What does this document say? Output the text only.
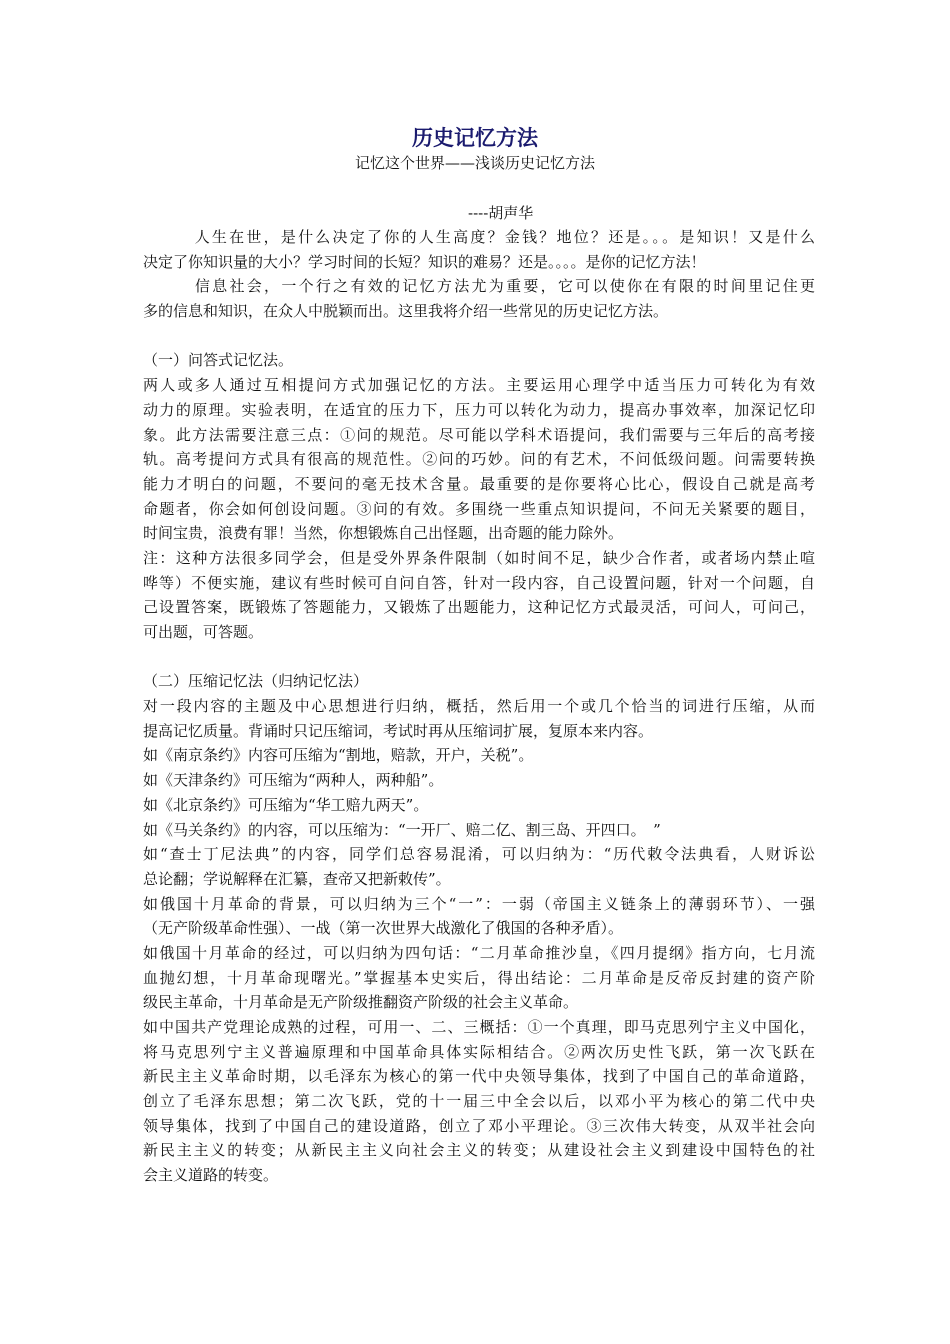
历史记忆方法
记忆这个世界——浅谈历史记忆方法
----胡声华
　　　人生在世，是什么决定了你的人生高度？金钱？地位？还是。。。是知识！又是什么
决定了你知识量的大小？学习时间的长短？知识的难易？还是。。。。是你的记忆方法！
　　　信息社会，一个行之有效的记忆方法尤为重要，它可以使你在有限的时间里记住更
多的信息和知识，在众人中脱颖而出。这里我将介绍一些常见的历史记忆方法。
（一）问答式记忆法。
两人或多人通过互相提问方式加强记忆的方法。主要运用心理学中适当压力可转化为有效
动力的原理。实验表明，在适宜的压力下，压力可以转化为动力，提高办事效率，加深记忆印
象。此方法需要注意三点：①问的规范。尽可能以学科术语提问，我们需要与三年后的高考接
轨。高考提问方式具有很高的规范性。②问的巧妙。问的有艺术，不问低级问题。问需要转换
能力才明白的问题，不要问的毫无技术含量。最重要的是你要将心比心，假设自己就是高考
命题者，你会如何创设问题。③问的有效。多围绕一些重点知识提问，不问无关紧要的题目，
时间宝贵，浪费有罪！当然，你想锻炼自己出怪题，出奇题的能力除外。
注：这种方法很多同学会，但是受外界条件限制（如时间不足，缺少合作者，或者场内禁止喧
哗等）不便实施，建议有些时候可自问自答，针对一段内容，自己设置问题，针对一个问题，自
己设置答案，既锻炼了答题能力，又锻炼了出题能力，这种记忆方式最灵活，可问人，可问己，
可出题，可答题。
（二）压缩记忆法（归纳记忆法）
对一段内容的主题及中心思想进行归纳，概括，然后用一个或几个恰当的词进行压缩，从而
提高记忆质量。背诵时只记压缩词，考试时再从压缩词扩展，复原本来内容。
如《南京条约》内容可压缩为“割地，赔款，开户，关税”。
如《天津条约》可压缩为“两种人，两种船”。
如《北京条约》可压缩为“华工赔九两天”。
如《马关条约》的内容，可以压缩为：“一开厂、赔二亿、割三岛、开四口。　”
如“查士丁尼法典”的内容，同学们总容易混淆，可以归纳为：“历代敕令法典看，人财诉讼
总论翻；学说解释在汇纂，查帝又把新敕传”。
如俄国十月革命的背景，可以归纳为三个“一”：一弱（帝国主义链条上的薄弱环节）、一强
（无产阶级革命性强）、一战（第一次世界大战激化了俄国的各种矛盾）。
如俄国十月革命的经过，可以归纳为四句话：“二月革命推沙皇，《四月提纲》指方向，七月流
血抛幻想，十月革命现曙光。”掌握基本史实后，得出结论：二月革命是反帝反封建的资产阶
级民主革命，十月革命是无产阶级推翻资产阶级的社会主义革命。
如中国共产党理论成熟的过程，可用一、二、三概括：①一个真理，即马克思列宁主义中国化，
将马克思列宁主义普遍原理和中国革命具体实际相结合。②两次历史性飞跃，第一次飞跃在
新民主主义革命时期，以毛泽东为核心的第一代中央领导集体，找到了中国自己的革命道路，
创立了毛泽东思想；第二次飞跃，党的十一届三中全会以后，以邓小平为核心的第二代中央
领导集体，找到了中国自己的建设道路，创立了邓小平理论。③三次伟大转变，从双半社会向
新民主主义的转变；从新民主主义向社会主义的转变；从建设社会主义到建设中国特色的社
会主义道路的转变。
